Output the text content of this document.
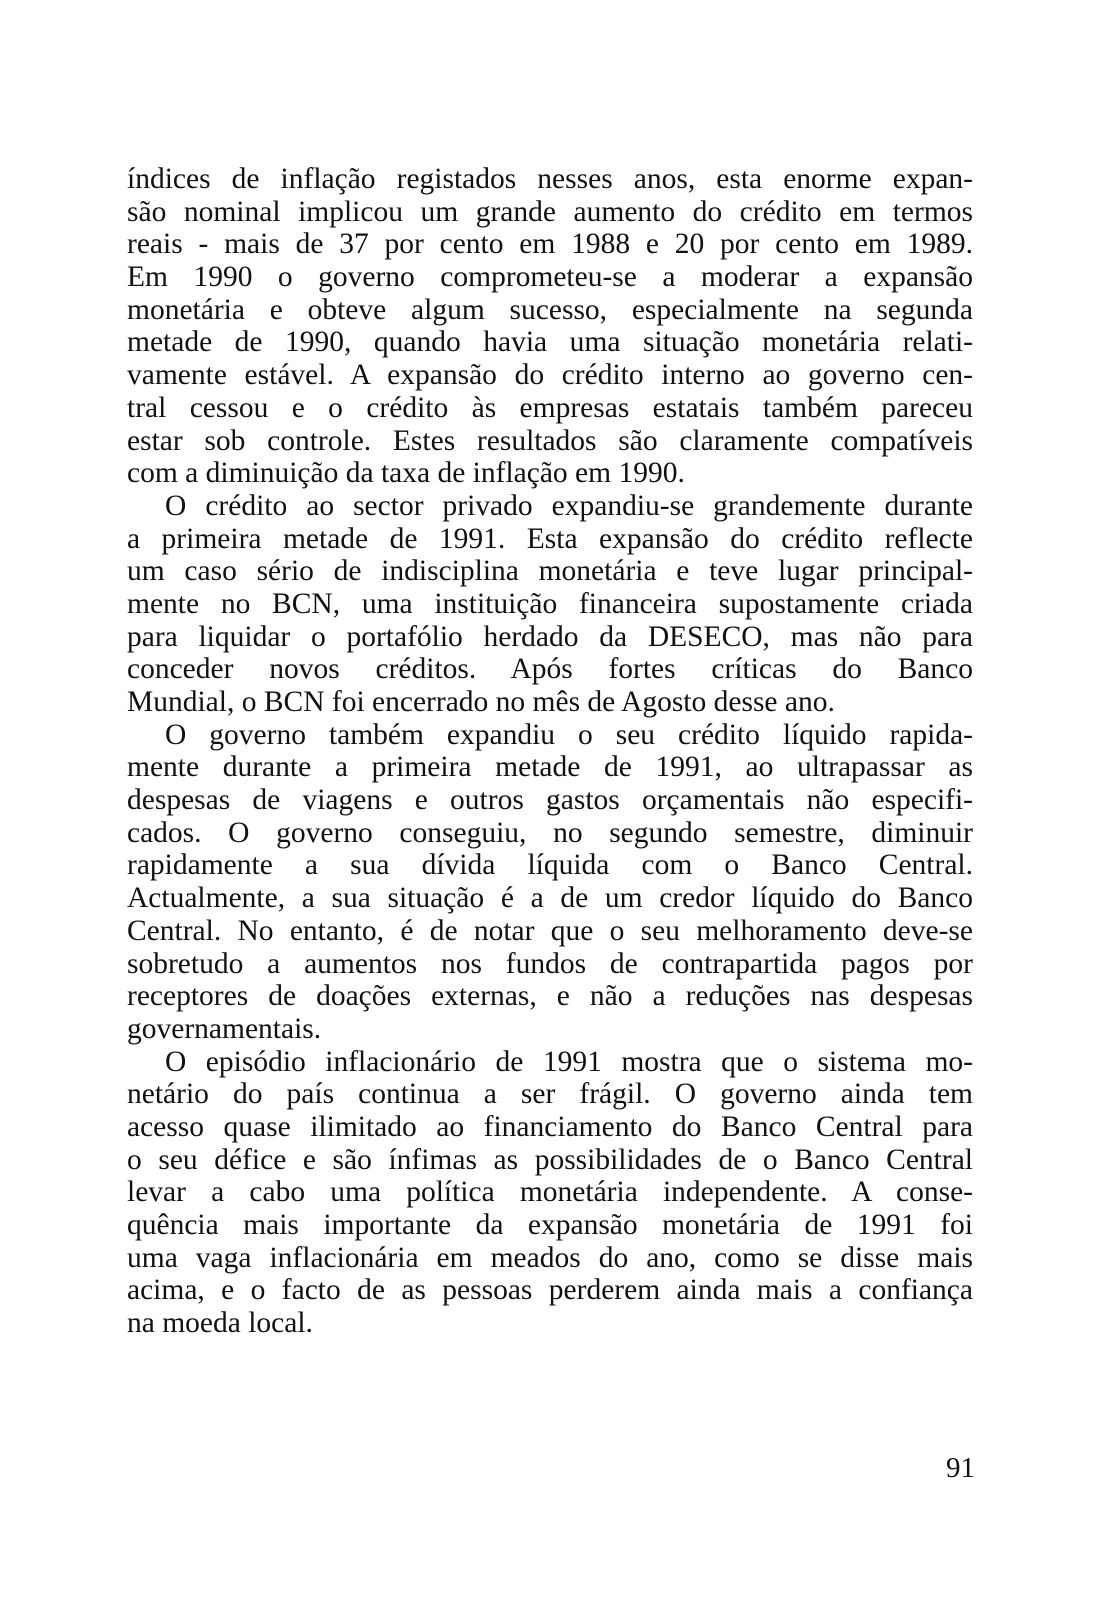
índices de inflação registados nesses anos, esta enorme expan-
são nominal implicou um grande aumento do crédito em termos
reais - mais de 37 por cento em 1988 e 20 por cento em 1989.
Em 1990 o governo comprometeu-se a moderar a expansão
monetária e obteve algum sucesso, especialmente na segunda
metade de 1990, quando havia uma situação monetária relati-
vamente estável. A expansão do crédito interno ao governo cen-
tral cessou e o crédito às empresas estatais também pareceu
estar sob controle. Estes resultados são claramente compatíveis
com a diminuição da taxa de inflação em 1990.
O crédito ao sector privado expandiu-se grandemente durante
a primeira metade de 1991. Esta expansão do crédito reflecte
um caso sério de indisciplina monetária e teve lugar principal-
mente no BCN, uma instituição financeira supostamente criada
para liquidar o portafólio herdado da DESECO, mas não para
conceder novos créditos. Após fortes críticas do Banco
Mundial, o BCN foi encerrado no mês de Agosto desse ano.
O governo também expandiu o seu crédito líquido rapida-
mente durante a primeira metade de 1991, ao ultrapassar as
despesas de viagens e outros gastos orçamentais não especifi-
cados. O governo conseguiu, no segundo semestre, diminuir
rapidamente a sua dívida líquida com o Banco Central.
Actualmente, a sua situação é a de um credor líquido do Banco
Central. No entanto, é de notar que o seu melhoramento deve-se
sobretudo a aumentos nos fundos de contrapartida pagos por
receptores de doações externas, e não a reduções nas despesas
governamentais.
O episódio inflacionário de 1991 mostra que o sistema mo-
netário do país continua a ser frágil. O governo ainda tem
acesso quase ilimitado ao financiamento do Banco Central para
o seu défice e são ínfimas as possibilidades de o Banco Central
levar a cabo uma política monetária independente. A conse-
quência mais importante da expansão monetária de 1991 foi
uma vaga inflacionária em meados do ano, como se disse mais
acima, e o facto de as pessoas perderem ainda mais a confiança
na moeda local.
91
